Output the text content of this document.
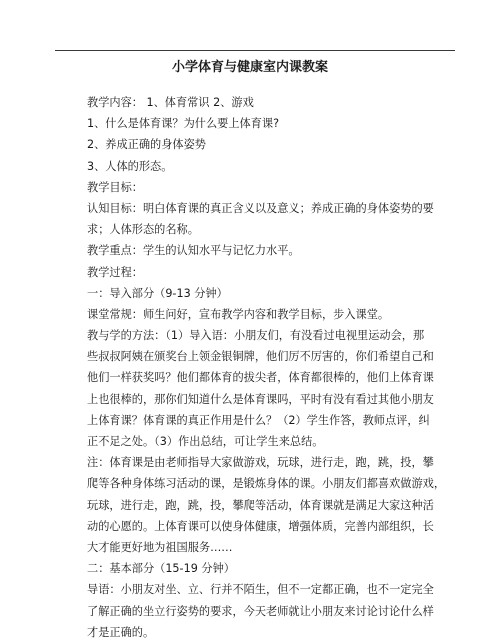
小学体育与健康室内课教案
教学内容： 1、体育常识 2、游戏
1、什么是体育课？为什么要上体育课?
2、养成正确的身体姿势
3、人体的形态。
教学目标：
认知目标：明白体育课的真正含义以及意义；养成正确的身体姿势的要
求；人体形态的名称。
教学重点：学生的认知水平与记忆力水平。
教学过程：
一：导入部分（9-13 分钟）
课堂常规：师生问好，宣布教学内容和教学目标，步入课堂。
教与学的方法：（1）导入语：小朋友们，有没看过电视里运动会，那
些叔叔阿姨在颁奖台上领金银铜牌，他们厉不厉害的，你们希望自己和
他们一样获奖吗？他们都体育的拔尖者，体育都很棒的，他们上体育课
上也很棒的，那你们知道什么是体育课吗，平时有没有看过其他小朋友
上体育课？体育课的真正作用是什么？（2）学生作答，教师点评，纠
正不足之处。（3）作出总结，可让学生来总结。
注：体育课是由老师指导大家做游戏，玩球，进行走，跑，跳，投，攀
爬等各种身体练习活动的课，是锻炼身体的课。小朋友们都喜欢做游戏，
玩球，进行走，跑，跳，投，攀爬等活动，体育课就是满足大家这种活
动的心愿的。上体育课可以使身体健康，增强体质，完善内部组织，长
大才能更好地为祖国服务……
二：基本部分（15-19 分钟）
导语：小朋友对坐、立、行并不陌生，但不一定都正确，也不一定完全
了解正确的坐立行姿势的要求，今天老师就让小朋友来讨论讨论什么样
才是正确的。
